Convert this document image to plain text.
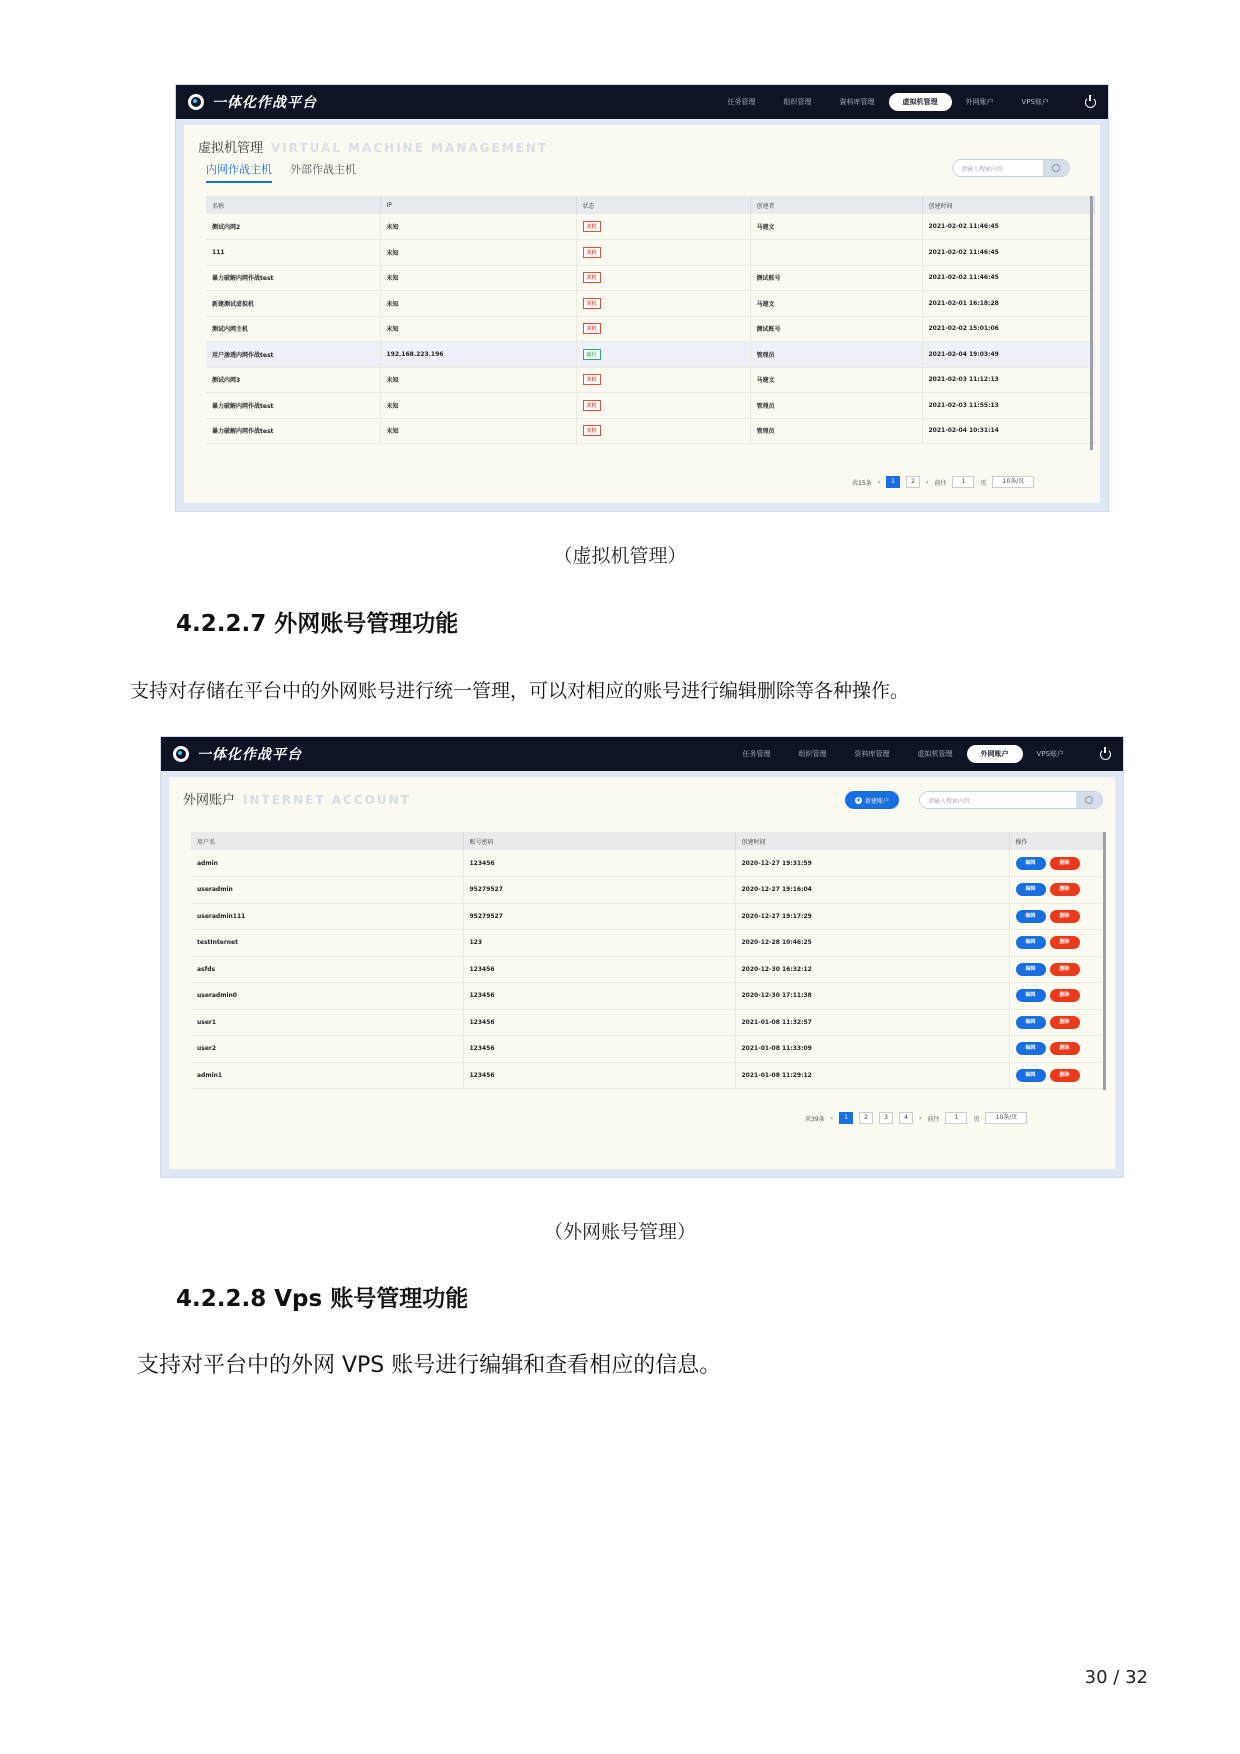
一体化作战平台	任务管理	组织管理	資料库管理	虚拟机管理	外网账户	VPS账户
虚拟机管理 VIRTUAL MACHINE MANAGEMENT
内网作战主机 外部作战主机	请输入搜索内容
名称	IP	状态	创建者	创建时间
测试内网2	未知	关机	马建文	2021-02-02 11:46:45
111	未知	关机		2021-02-02 11:46:45
暴力破解内网作战test	未知	关机	测试账号	2021-02-02 11:46:45
新建测试虚拟机	未知	关机	马建文	2021-02-01 16:18:28
测试内网主机	未知	关机	测试账号	2021-02-02 15:01:06
用户渗透内网作战test	192.168.223.196	运行	管理员	2021-02-04 19:03:49
测试内网3	未知	关机	马建文	2021-02-03 11:12:13
暴力破解内网作战test	未知	关机	管理员	2021-02-03 11:55:13
暴力破解内网作战test	未知	关机	管理员	2021-02-04 10:31:14
共15条 ‹	1	2	› 前往	1	页	10条/页
（虚拟机管理）
4.2.2.7 外网账号管理功能
支持对存储在平台中的外网账号进行统一管理，可以对相应的账号进行编辑删除等各种操作。
一体化作战平台	任务管理	组织管理	资料库管理	虚拟机管理	外网账户	VPS账户
外网账户 INTERNET ACCOUNT	+ 新建账户	请输入搜索内容
用户名	账号密码	创建时间	操作
admin	123456	2020-12-27 19:31:59	编辑 删除
useradmin	95279527	2020-12-27 19:16:04	编辑 删除
useradmin111	95279527	2020-12-27 19:17:29	编辑 删除
testInternet	123	2020-12-28 10:46:25	编辑 删除
asfds	123456	2020-12-30 16:32:12	编辑 删除
useradmin0	123456	2020-12-30 17:11:38	编辑 删除
user1	123456	2021-01-08 11:32:57	编辑 删除
user2	123456	2021-01-08 11:33:09	编辑 删除
admin1	123456	2021-01-08 11:29:12	编辑 删除
共39条 ‹	1	2	3	4	› 前往	1	页	10条/页
（外网账号管理）
4.2.2.8 Vps 账号管理功能
支持对平台中的外网 VPS 账号进行编辑和查看相应的信息。
30 / 32
